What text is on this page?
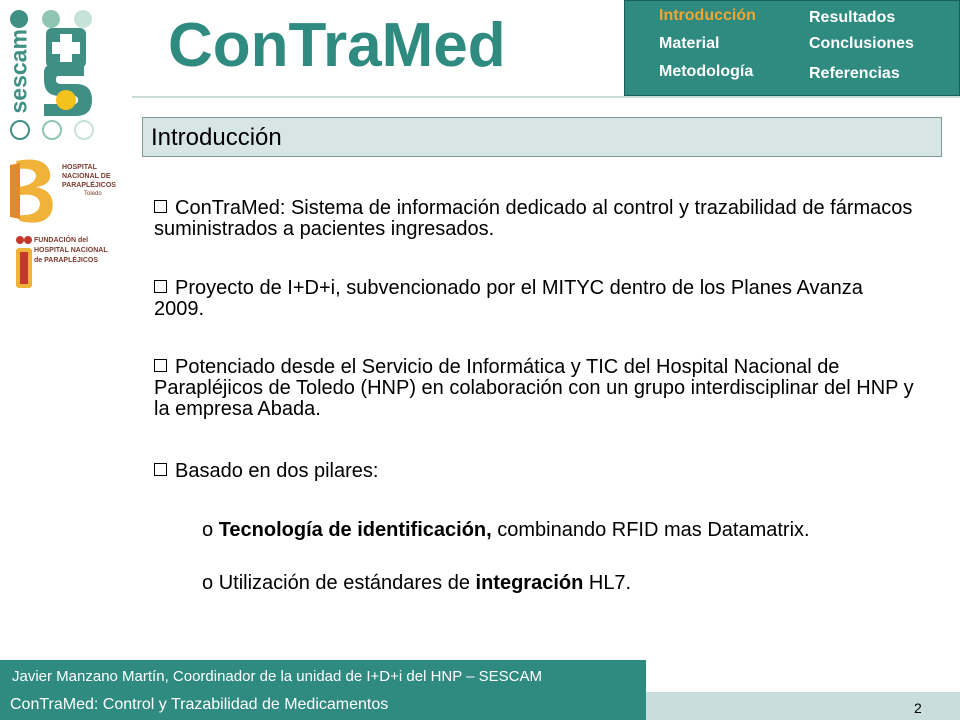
sescam
HOSPITAL
NACIONAL DE
PARAPLÉJICOS
Toledo
FUNDACIÓN del
HOSPITAL NACIONAL
de PARAPLÉJICOS
ConTraMed	Introducción
Material
Metodología
Resultados
Conclusiones
Referencias
Introducción
ConTraMed: Sistema de información dedicado al control y trazabilidad de fármacos suministrados a pacientes ingresados.
Proyecto de I+D+i, subvencionado por el MITYC dentro de los Planes Avanza 2009.
Potenciado desde el Servicio de Informática y TIC del Hospital Nacional de Parapléjicos de Toledo (HNP) en colaboración con un grupo interdisciplinar del HNP y la empresa Abada.
Basado en dos pilares:
o Tecnología de identificación, combinando RFID mas Datamatrix.
o Utilización de estándares de integración HL7.
Javier Manzano Martín, Coordinador de la unidad de I+D+i del HNP – SESCAM
ConTraMed: Control y Trazabilidad de Medicamentos	2
